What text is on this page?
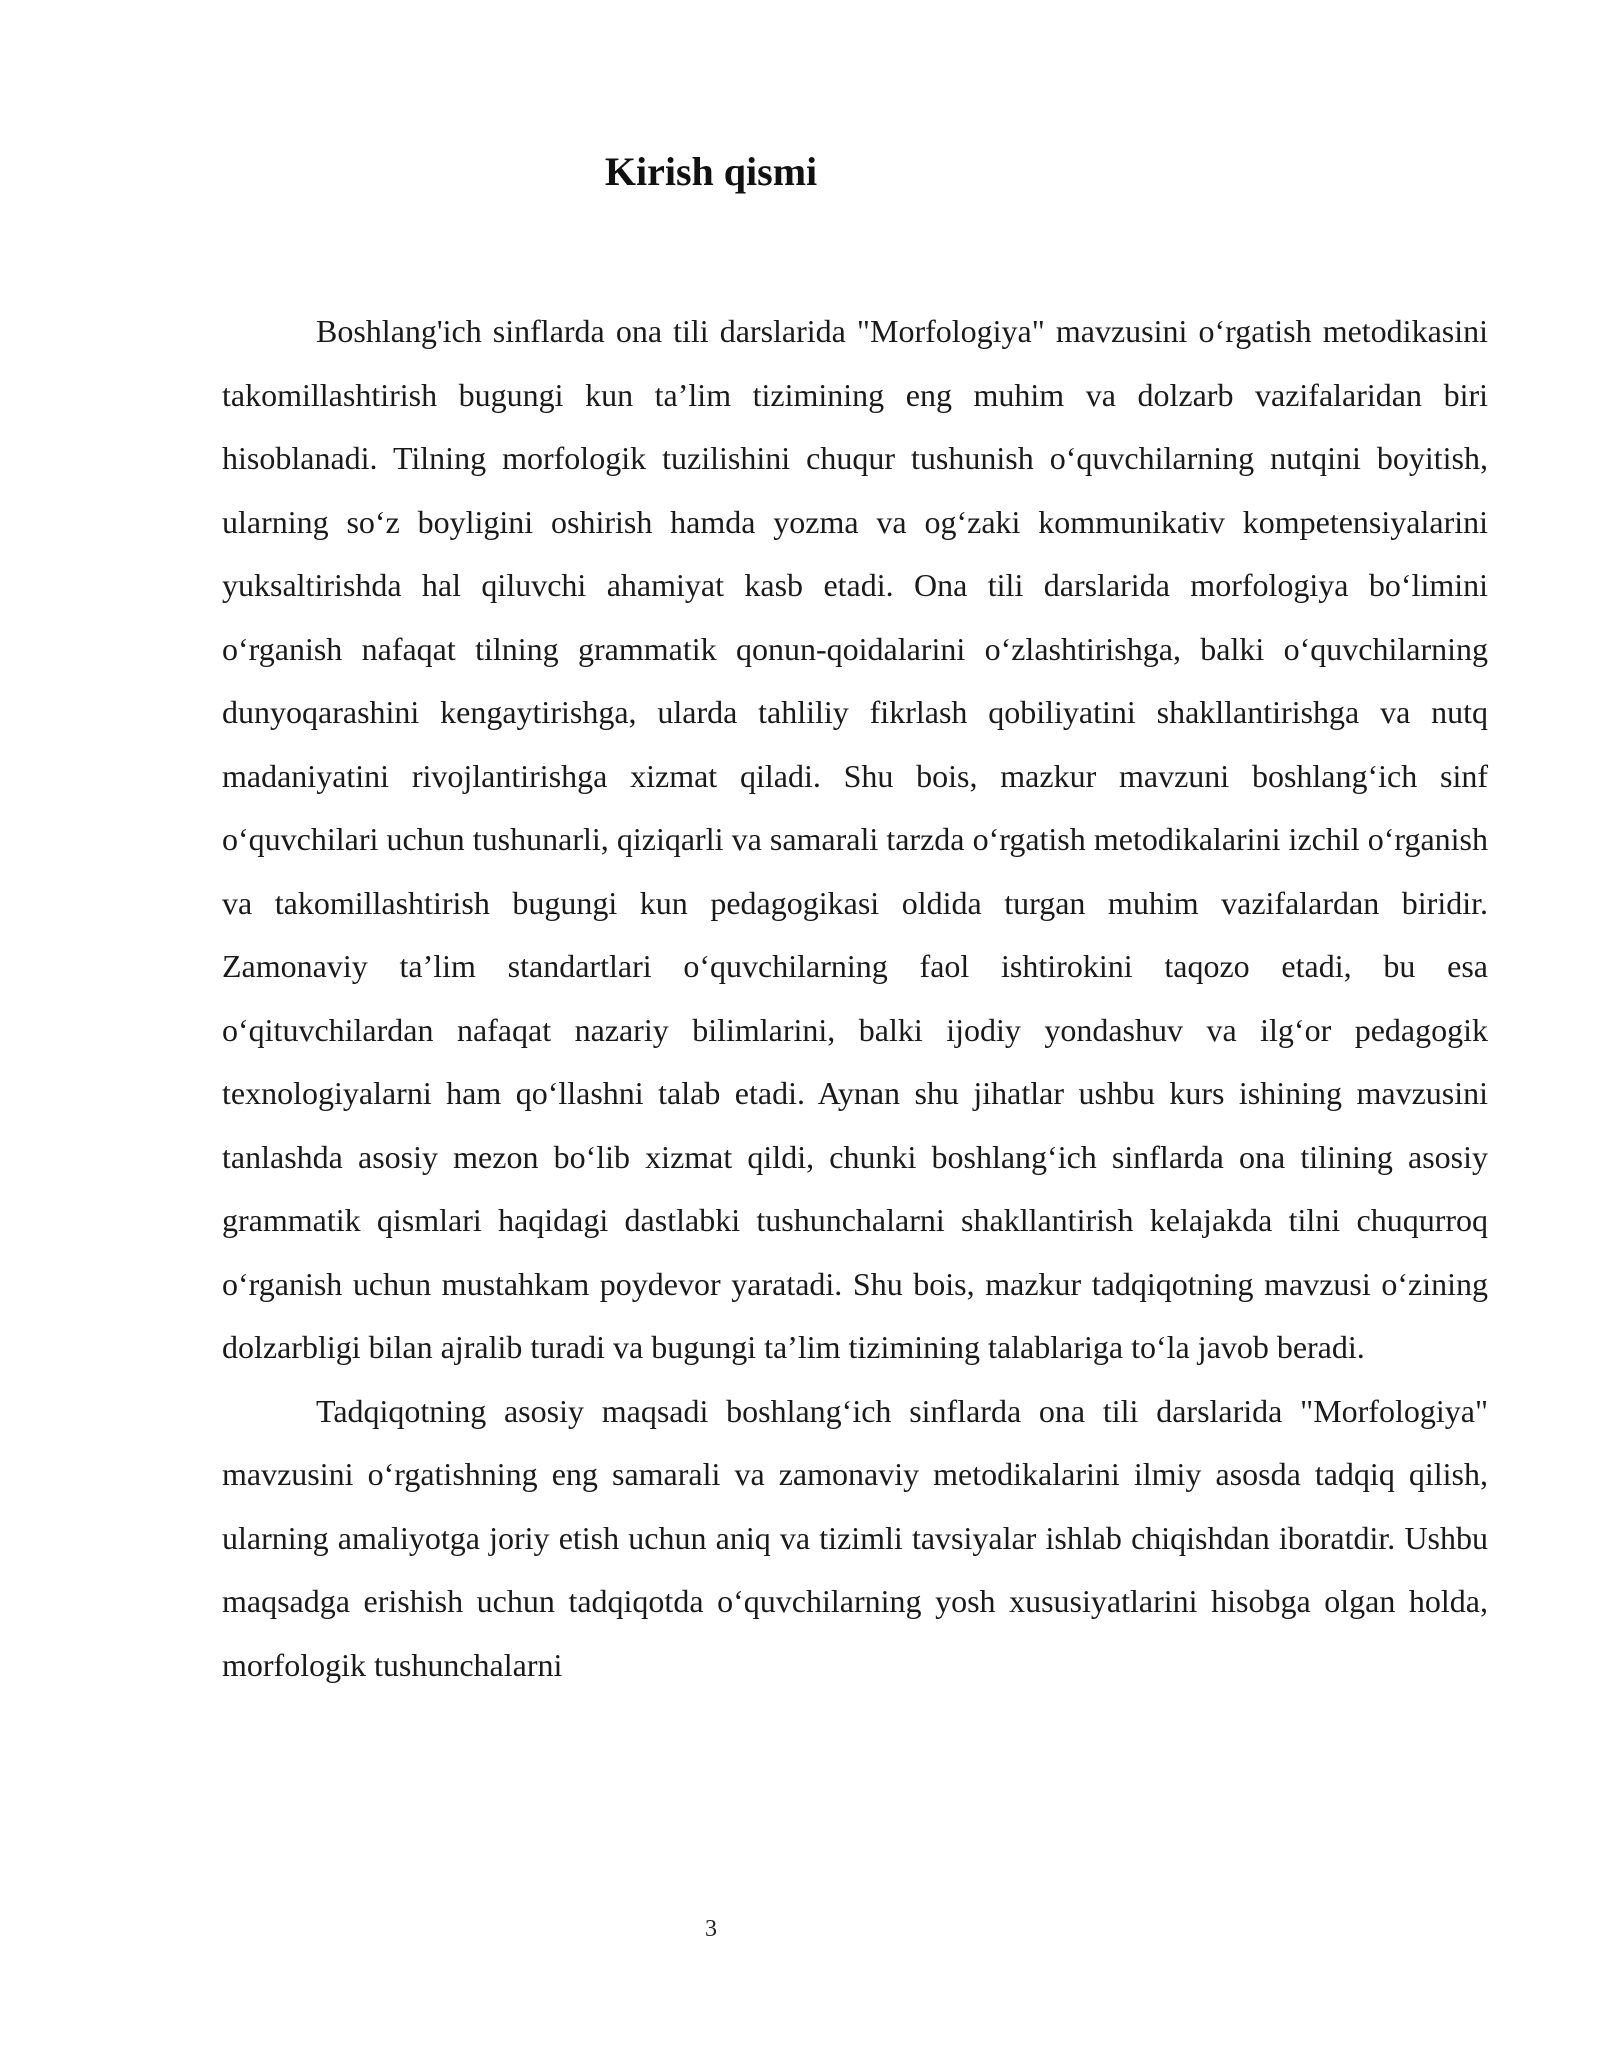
Kirish qismi

Boshlang'ich sinflarda ona tili darslarida "Morfologiya" mavzusini o‘rgatish metodikasini takomillashtirish bugungi kun ta’lim tizimining eng muhim va dolzarb vazifalaridan biri hisoblanadi. Tilning morfologik tuzilishini chuqur tushunish o‘quvchilarning nutqini boyitish, ularning so‘z boyligini oshirish hamda yozma va og‘zaki kommunikativ kompetensiyalarini yuksaltirishda hal qiluvchi ahamiyat kasb etadi. Ona tili darslarida morfologiya bo‘limini o‘rganish nafaqat tilning grammatik qonun-qoidalarini o‘zlashtirishga, balki o‘quvchilarning dunyoqarashini kengaytirishga, ularda tahliliy fikrlash qobiliyatini shakllantirishga va nutq madaniyatini rivojlantirishga xizmat qiladi. Shu bois, mazkur mavzuni boshlang‘ich sinf o‘quvchilari uchun tushunarli, qiziqarli va samarali tarzda o‘rgatish metodikalarini izchil o‘rganish va takomillashtirish bugungi kun pedagogikasi oldida turgan muhim vazifalardan biridir. Zamonaviy ta’lim standartlari o‘quvchilarning faol ishtirokini taqozo etadi, bu esa o‘qituvchilardan nafaqat nazariy bilimlarini, balki ijodiy yondashuv va ilg‘or pedagogik texnologiyalarni ham qo‘llashni talab etadi. Aynan shu jihatlar ushbu kurs ishining mavzusini tanlashda asosiy mezon bo‘lib xizmat qildi, chunki boshlang‘ich sinflarda ona tilining asosiy grammatik qismlari haqidagi dastlabki tushunchalarni shakllantirish kelajakda tilni chuqurroq o‘rganish uchun mustahkam poydevor yaratadi. Shu bois, mazkur tadqiqotning mavzusi o‘zining dolzarbligi bilan ajralib turadi va bugungi ta’lim tizimining talablariga to‘la javob beradi.

Tadqiqotning asosiy maqsadi boshlang‘ich sinflarda ona tili darslarida "Morfologiya" mavzusini o‘rgatishning eng samarali va zamonaviy metodikalarini ilmiy asosda tadqiq qilish, ularning amaliyotga joriy etish uchun aniq va tizimli tavsiyalar ishlab chiqishdan iboratdir. Ushbu maqsadga erishish uchun tadqiqotda o‘quvchilarning yosh xususiyatlarini hisobga olgan holda, morfologik tushunchalarni

3
